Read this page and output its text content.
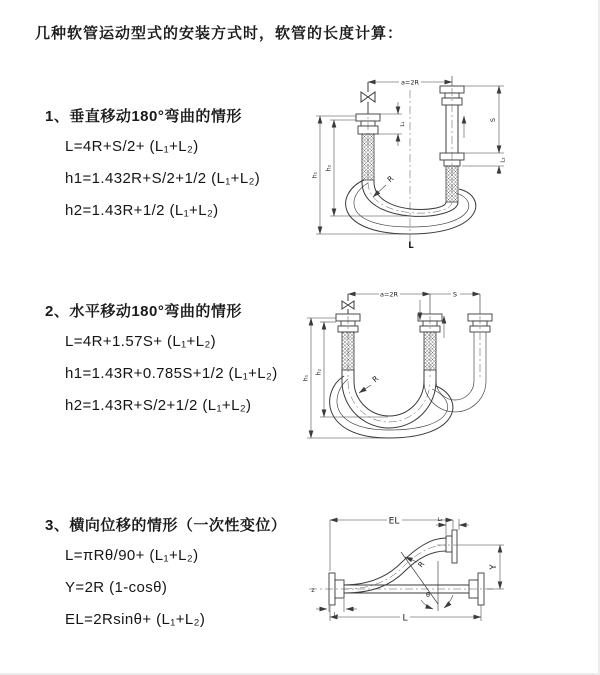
几种软管运动型式的安装方式时，软管的长度计算：
1、垂直移动180°弯曲的情形
L=4R+S/2+ (L₁+L₂)
h1=1.432R+S/2+1/2 (L₁+L₂)
h2=1.43R+1/2 (L₁+L₂)
2、水平移动180°弯曲的情形
L=4R+1.57S+ (L₁+L₂)
h1=1.43R+0.785S+1/2 (L₁+L₂)
h2=1.43R+S/2+1/2 (L₁+L₂)
3、横向位移的情形（一次性变位）
L=πRθ/90+ (L₁+L₂)
Y=2R (1-cosθ)
EL=2Rsinθ+ (L₁+L₂)
a=2R
S
L₂
L₁
h₁
h₂
R
L
a=2R	S
h₁
h₂
R
z
θ
R
EL	L₂
Y
L₁	L
